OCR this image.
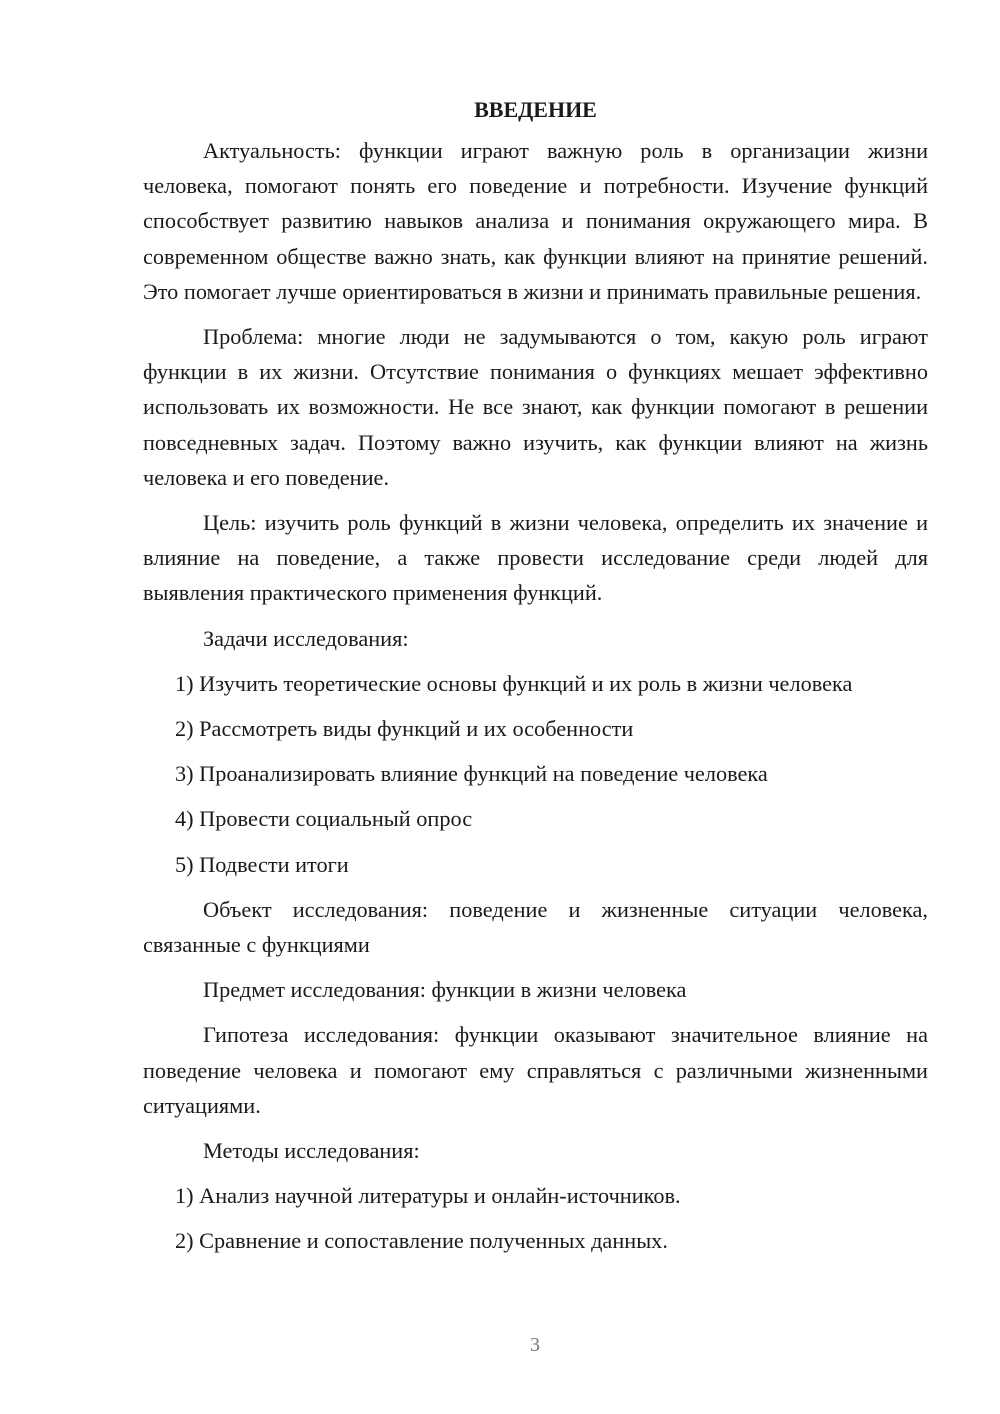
ВВЕДЕНИЕ

Актуальность: функции играют важную роль в организации жизни человека, помогают понять его поведение и потребности. Изучение функций способствует развитию навыков анализа и понимания окружающего мира. В современном обществе важно знать, как функции влияют на принятие решений. Это помогает лучше ориентироваться в жизни и принимать правильные решения.

Проблема: многие люди не задумываются о том, какую роль играют функции в их жизни. Отсутствие понимания о функциях мешает эффективно использовать их возможности. Не все знают, как функции помогают в решении повседневных задач. Поэтому важно изучить, как функции влияют на жизнь человека и его поведение.

Цель: изучить роль функций в жизни человека, определить их значение и влияние на поведение, а также провести исследование среди людей для выявления практического применения функций.

Задачи исследования:

1) Изучить теоретические основы функций и их роль в жизни человека
2) Рассмотреть виды функций и их особенности
3) Проанализировать влияние функций на поведение человека
4) Провести социальный опрос
5) Подвести итоги

Объект исследования: поведение и жизненные ситуации человека, связанные с функциями

Предмет исследования: функции в жизни человека

Гипотеза исследования: функции оказывают значительное влияние на поведение человека и помогают ему справляться с различными жизненными ситуациями.

Методы исследования:

1) Анализ научной литературы и онлайн-источников.
2) Сравнение и сопоставление полученных данных.
3
